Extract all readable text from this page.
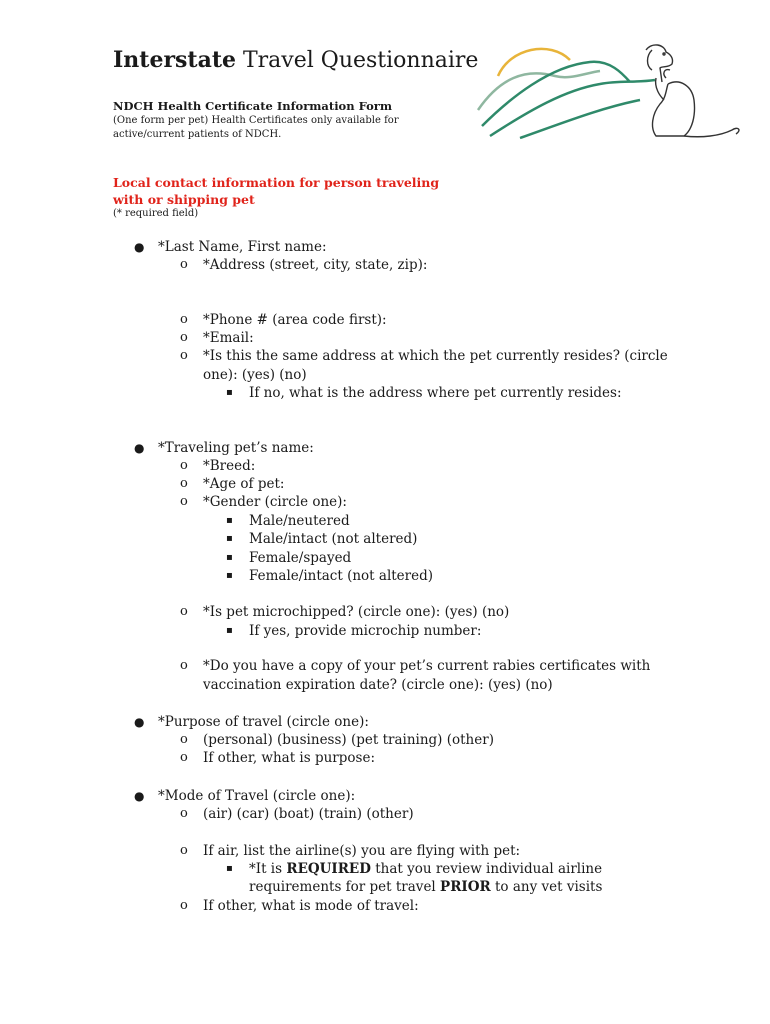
Interstate Travel Questionnaire
NDCH Health Certificate Information Form
(One form per pet) Health Certificates only available for active/current patients of NDCH.
Local contact information for person traveling with or shipping pet
(* required field)
● *Last Name, First name:
o *Address (street, city, state, zip):
o *Phone # (area code first):
o *Email:
o *Is this the same address at which the pet currently resides? (circle
one): (yes) (no)
▪ If no, what is the address where pet currently resides:
● *Traveling pet’s name:
o *Breed:
o *Age of pet:
o *Gender (circle one):
▪ Male/neutered
▪ Male/intact (not altered)
▪ Female/spayed
▪ Female/intact (not altered)
o *Is pet microchipped? (circle one): (yes) (no)
▪ If yes, provide microchip number:
o *Do you have a copy of your pet’s current rabies certificates with
vaccination expiration date? (circle one): (yes) (no)
● *Purpose of travel (circle one):
o (personal) (business) (pet training) (other)
o If other, what is purpose:
● *Mode of Travel (circle one):
o (air) (car) (boat) (train) (other)
o If air, list the airline(s) you are flying with pet:
▪ *It is REQUIRED that you review individual airline
requirements for pet travel PRIOR to any vet visits
o If other, what is mode of travel:
